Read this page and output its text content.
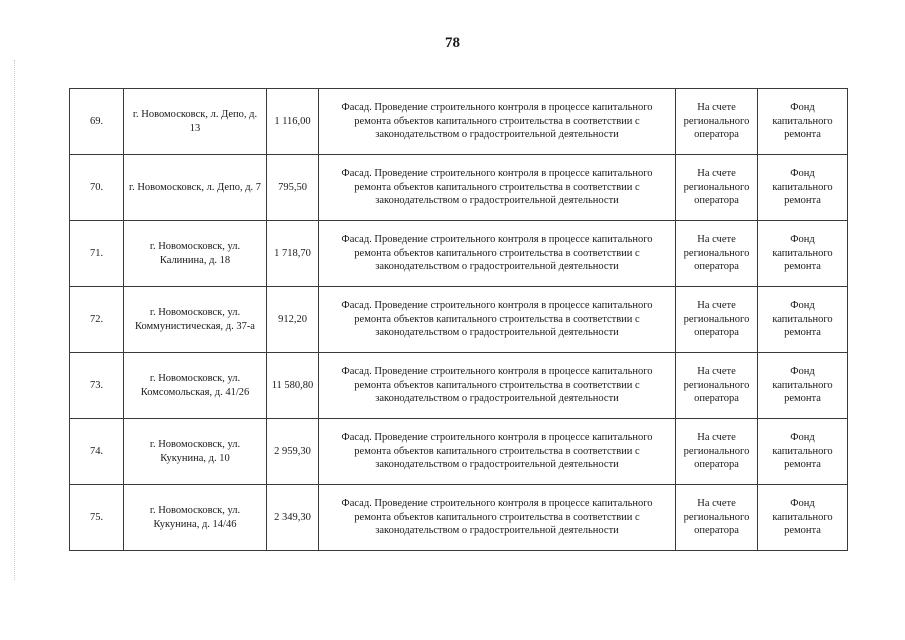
78
69.	г. Новомосковск, л. Депо, д. 13	1 116,00	Фасад. Проведение строительного контроля в процессе капитального ремонта объектов капитального строительства в соответствии с законодательством о градостроительной деятельности	На счете регионального оператора	Фонд капитального ремонта
70.	г. Новомосковск, л. Депо, д. 7	795,50	Фасад. Проведение строительного контроля в процессе капитального ремонта объектов капитального строительства в соответствии с законодательством о градостроительной деятельности	На счете регионального оператора	Фонд капитального ремонта
71.	г. Новомосковск, ул. Калинина, д. 18	1 718,70	Фасад. Проведение строительного контроля в процессе капитального ремонта объектов капитального строительства в соответствии с законодательством о градостроительной деятельности	На счете регионального оператора	Фонд капитального ремонта
72.	г. Новомосковск, ул. Коммунистическая, д. 37-а	912,20	Фасад. Проведение строительного контроля в процессе капитального ремонта объектов капитального строительства в соответствии с законодательством о градостроительной деятельности	На счете регионального оператора	Фонд капитального ремонта
73.	г. Новомосковск, ул. Комсомольская, д. 41/26	11 580,80	Фасад. Проведение строительного контроля в процессе капитального ремонта объектов капитального строительства в соответствии с законодательством о градостроительной деятельности	На счете регионального оператора	Фонд капитального ремонта
74.	г. Новомосковск, ул. Кукунина, д. 10	2 959,30	Фасад. Проведение строительного контроля в процессе капитального ремонта объектов капитального строительства в соответствии с законодательством о градостроительной деятельности	На счете регионального оператора	Фонд капитального ремонта
75.	г. Новомосковск, ул. Кукунина, д. 14/46	2 349,30	Фасад. Проведение строительного контроля в процессе капитального ремонта объектов капитального строительства в соответствии с законодательством о градостроительной деятельности	На счете регионального оператора	Фонд капитального ремонта
